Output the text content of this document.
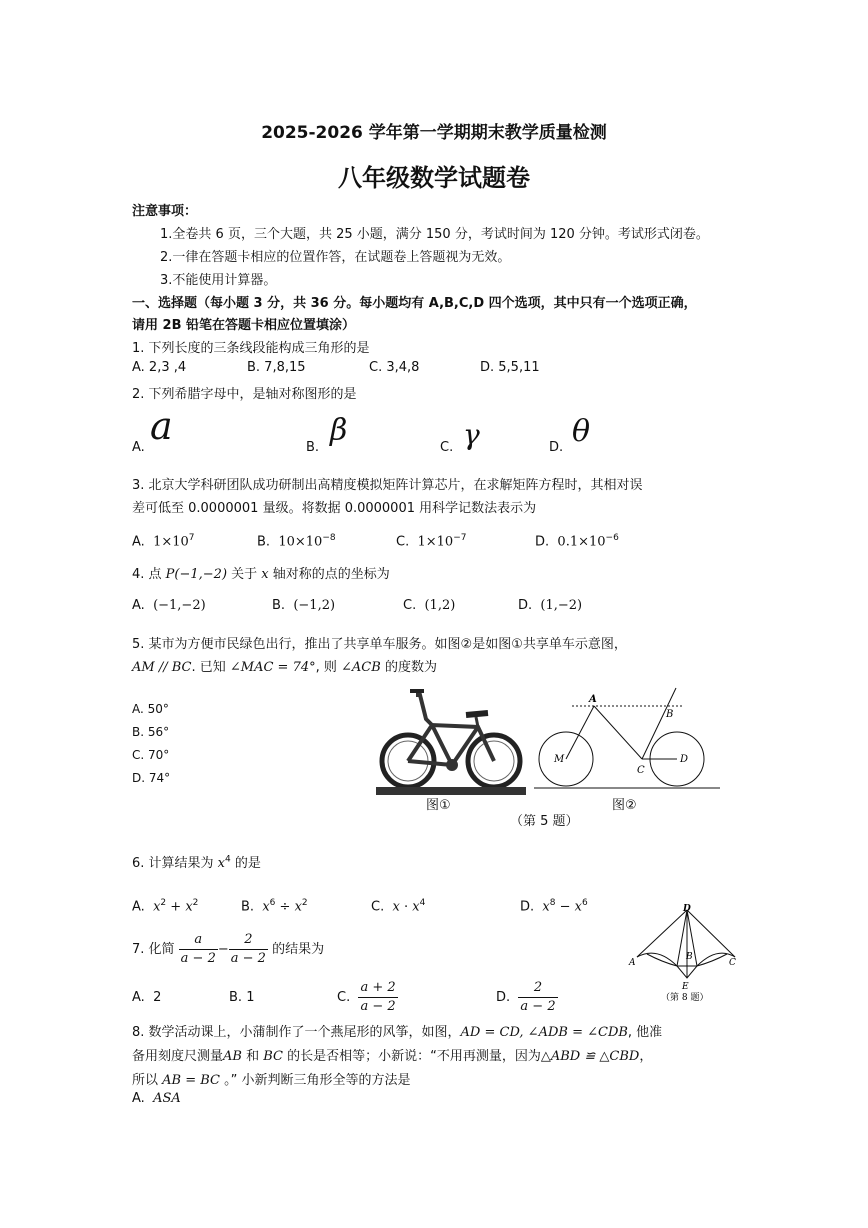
2025-2026 学年第一学期期末教学质量检测
八年级数学试题卷
注意事项：
1.全卷共 6 页，三个大题，共 25 小题，满分 150 分，考试时间为 120 分钟。考试形式闭卷。
2.一律在答题卡相应的位置作答，在试题卷上答题视为无效。
3.不能使用计算器。
一、选择题（每小题 3 分，共 36 分。每小题均有 A,B,C,D 四个选项，其中只有一个选项正确，
请用 2B 铅笔在答题卡相应位置填涂）
1. 下列长度的三条线段能构成三角形的是
A. 2,3 ,4	B. 7,8,15	C. 3,4,8	D. 5,5,11
2. 下列希腊字母中，是轴对称图形的是
A. a	B. β	C. γ	D. θ
3. 北京大学科研团队成功研制出高精度模拟矩阵计算芯片，在求解矩阵方程时，其相对误
差可低至 0.0000001 量级。将数据 0.0000001 用科学记数法表示为
A. $1\times 10^7$	B. $10\times 10^{-8}$	C. $1\times 10^{-7}$	D. $0.1\times 10^{-6}$
4. 点 P(−1,−2) 关于 x 轴对称的点的坐标为
A. (−1,−2)	B. (−1,2)	C. (1,2)	D. (1,−2)
5. 某市为方便市民绿色出行，推出了共享单车服务。如图②是如图①共享单车示意图，
AM // BC. 已知 ∠MAC = 74°, 则 ∠ACB 的度数为
A. 50°
B. 56°
C. 70°
D. 74°
图①
A
B
M
C
D
图②
（第 5 题）
6. 计算结果为 $x^4$ 的是
A. $x^2 + x^2$	B. $x^6 \div x^2$	C. $x \cdot x^4$	D. $x^8 - x^6$
D
A
B
C
E
（第 8 题）
7. 化简 $\frac{a}{a - 2} - \frac{2}{a - 2}$ 的结果为
A. 2	B. 1	C. $\frac{a + 2}{a - 2}$	D. $\frac{2}{a - 2}$
8. 数学活动课上，小蒲制作了一个燕尾形的风筝，如图，AD = CD, ∠ADB = ∠CDB, 他准
备用刻度尺测量AB 和 BC 的长是否相等；小新说：“不用再测量，因为△ABD ≌ △CBD，
所以 AB = BC 。” 小新判断三角形全等的方法是
A. ASA
